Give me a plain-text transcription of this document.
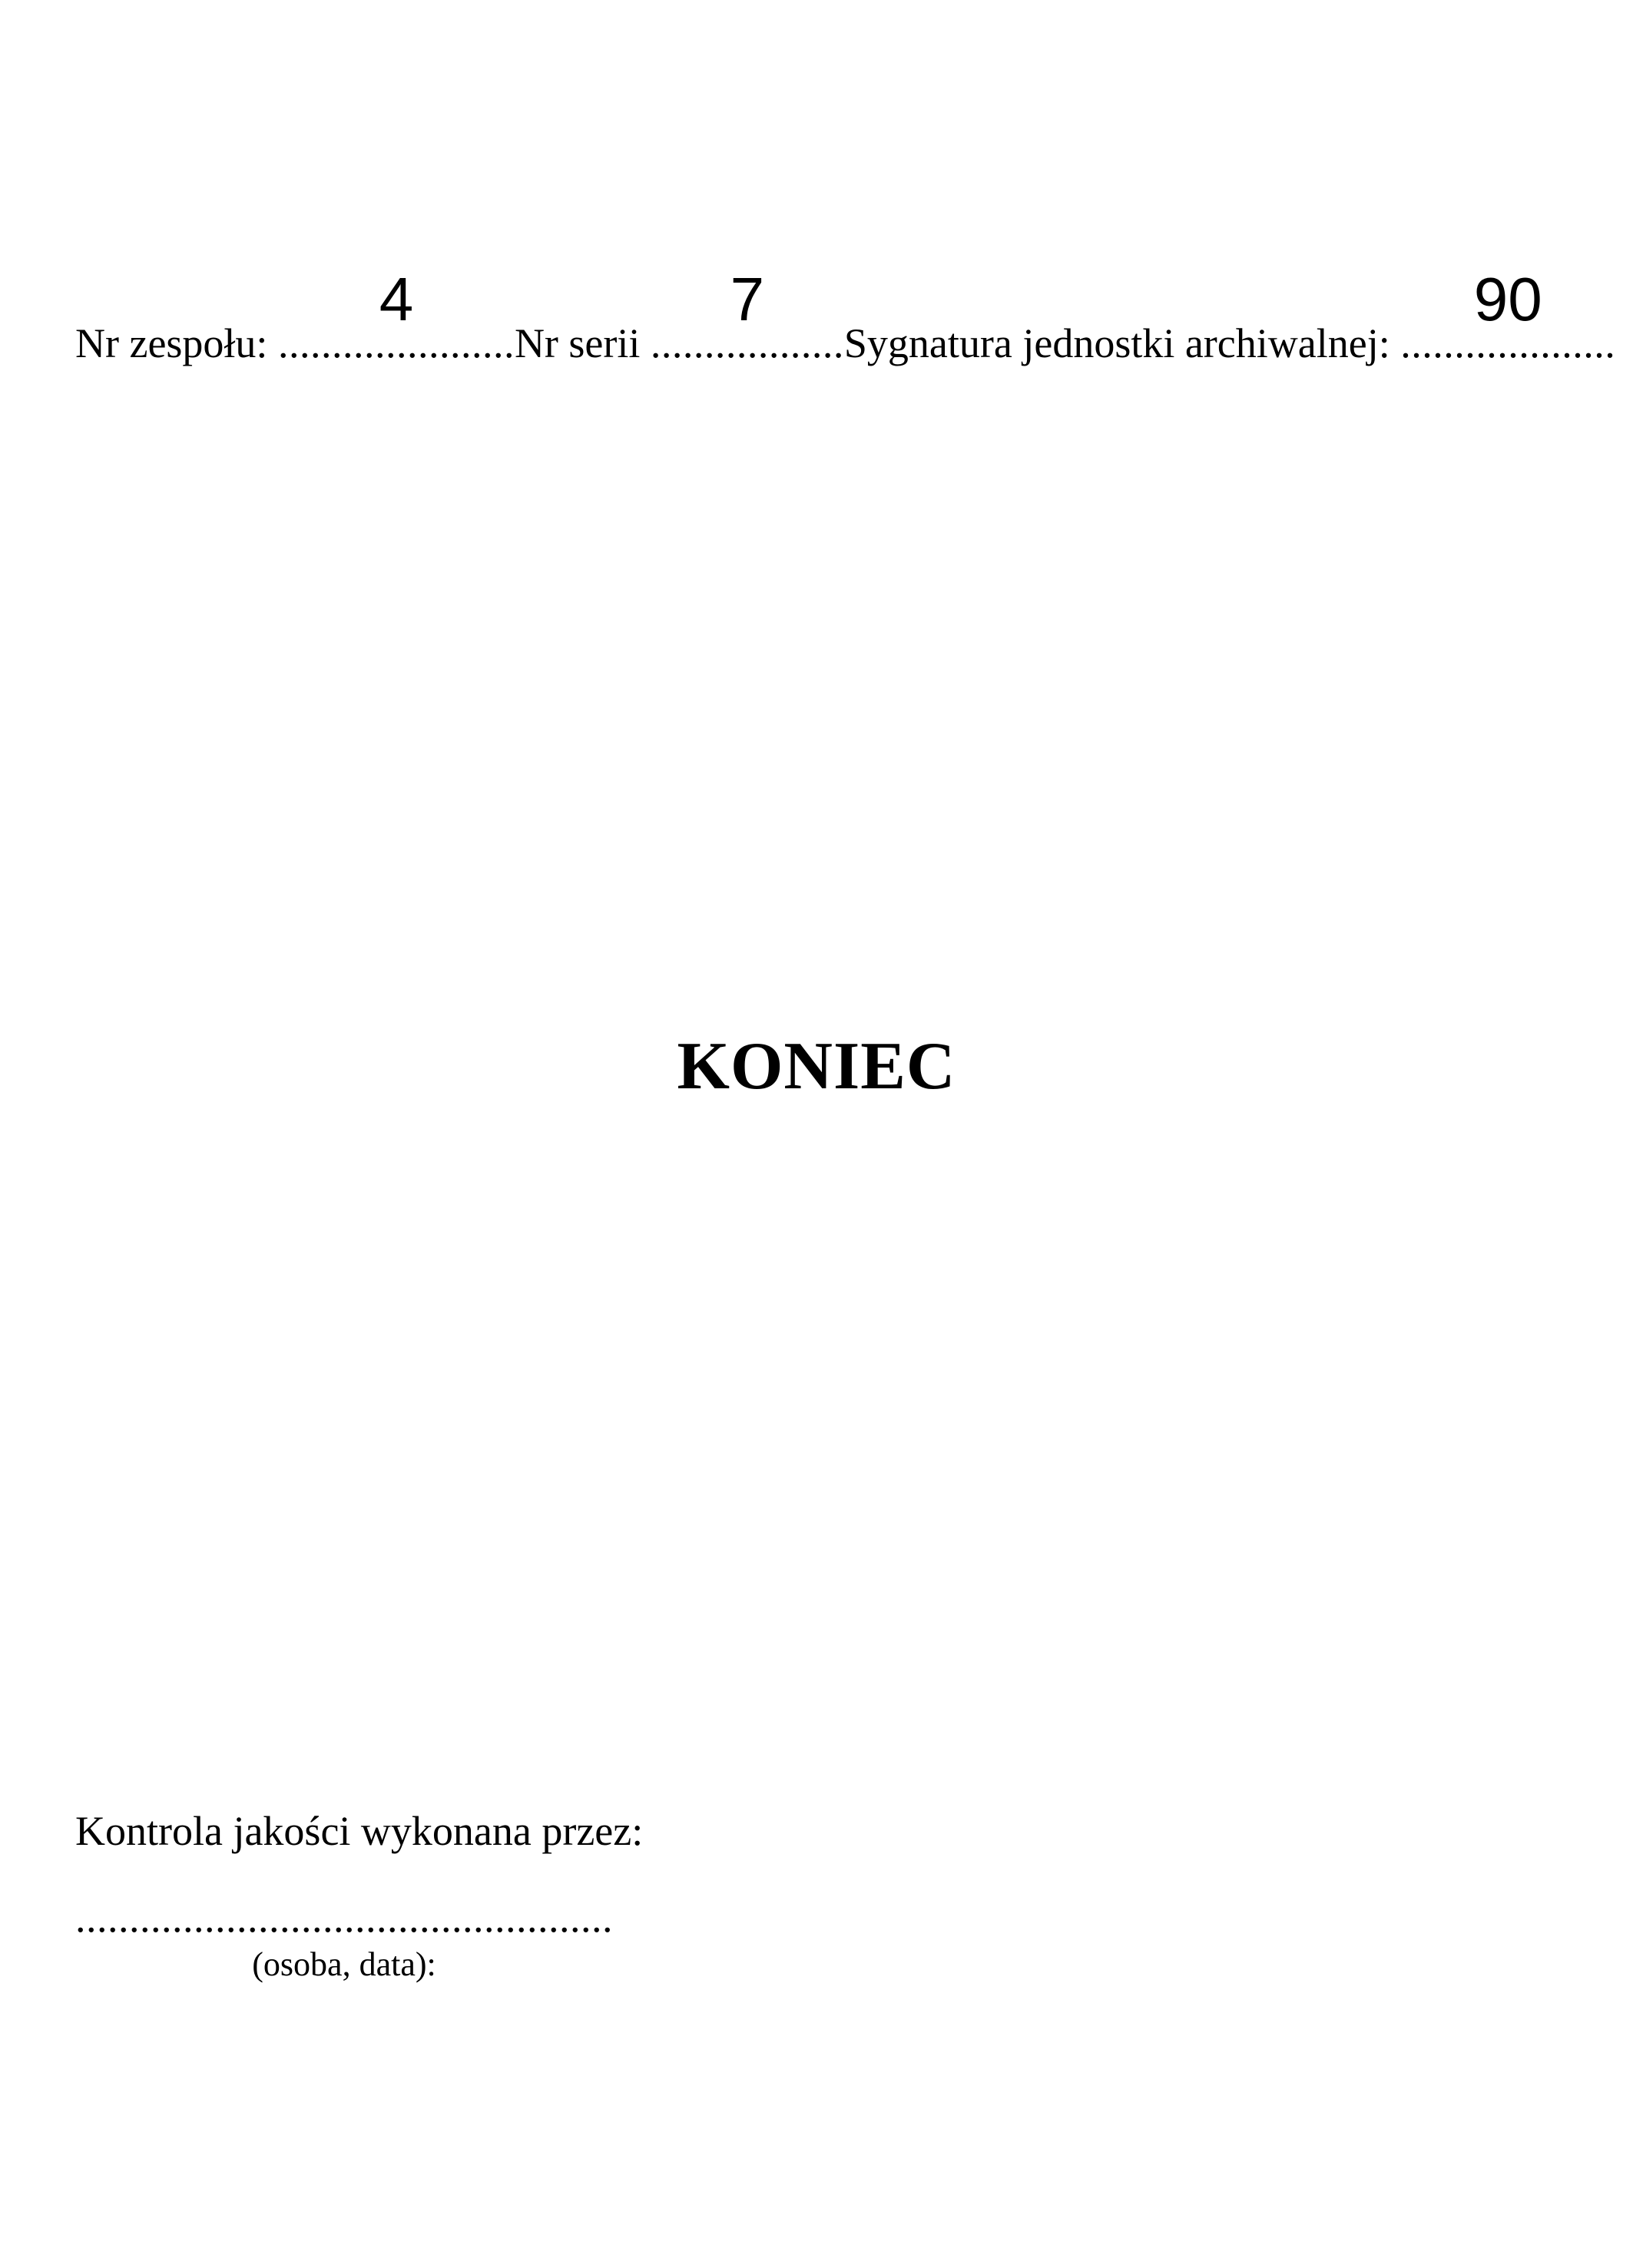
Nr zespołu: ......................
4
Nr serii ..................
7
Sygnatura jednostki archiwalnej: ....................
90
KONIEC
Kontrola jakości wykonana przez:
..................................................
(osoba, data):
